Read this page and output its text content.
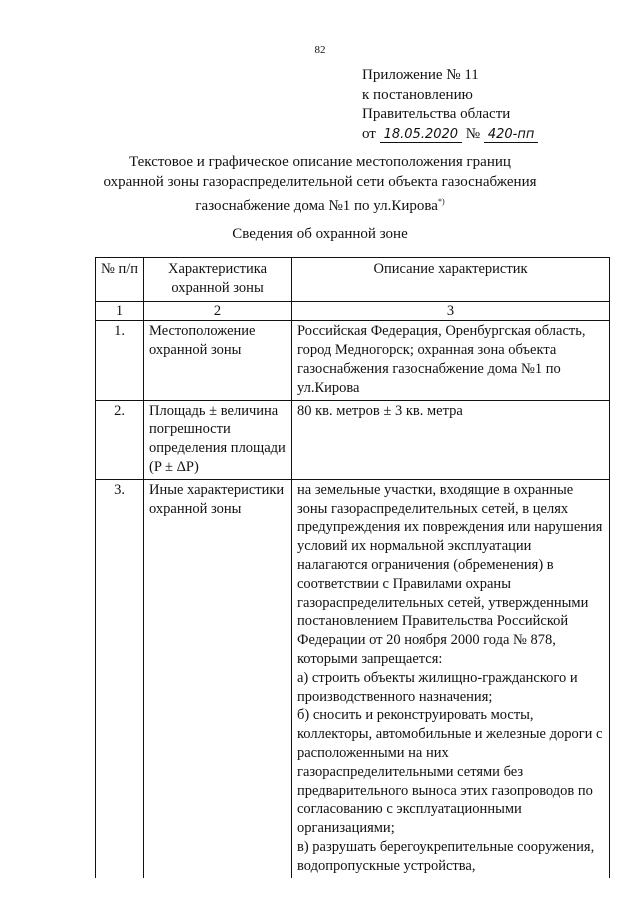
82
Приложение № 11
к постановлению
Правительства области
от 18.05.2020 № 420-пп
Текстовое и графическое описание местоположения границ
охранной зоны газораспределительной сети объекта газоснабжения
газоснабжение дома №1 по ул.Кирова*)
Сведения об охранной зоне
№ п/п	Характеристика охранной зоны	Описание характеристик
1	2	3
1.	Местоположение охранной зоны	Российская Федерация, Оренбургская область, город Медногорск; охранная зона объекта газоснабжения газоснабжение дома №1 по ул.Кирова
2.	Площадь ± величина погрешности определения площади (P ± ΔP)	80 кв. метров ± 3 кв. метра
3.	Иные характеристики охранной зоны	на земельные участки, входящие в охранные зоны газораспределительных сетей, в целях предупреждения их повреждения или нарушения условий их нормальной эксплуатации налагаются ограничения (обременения) в соответствии с Правилами охраны газораспределительных сетей, утвержденными постановлением Правительства Российской Федерации от 20 ноября 2000 года № 878, которыми запрещается:
а) строить объекты жилищно-гражданского и производственного назначения;
б) сносить и реконструировать мосты, коллекторы, автомобильные и железные дороги с расположенными на них газораспределительными сетями без предварительного выноса этих газопроводов по согласованию с эксплуатационными организациями;
в) разрушать берегоукрепительные сооружения, водопропускные устройства,
